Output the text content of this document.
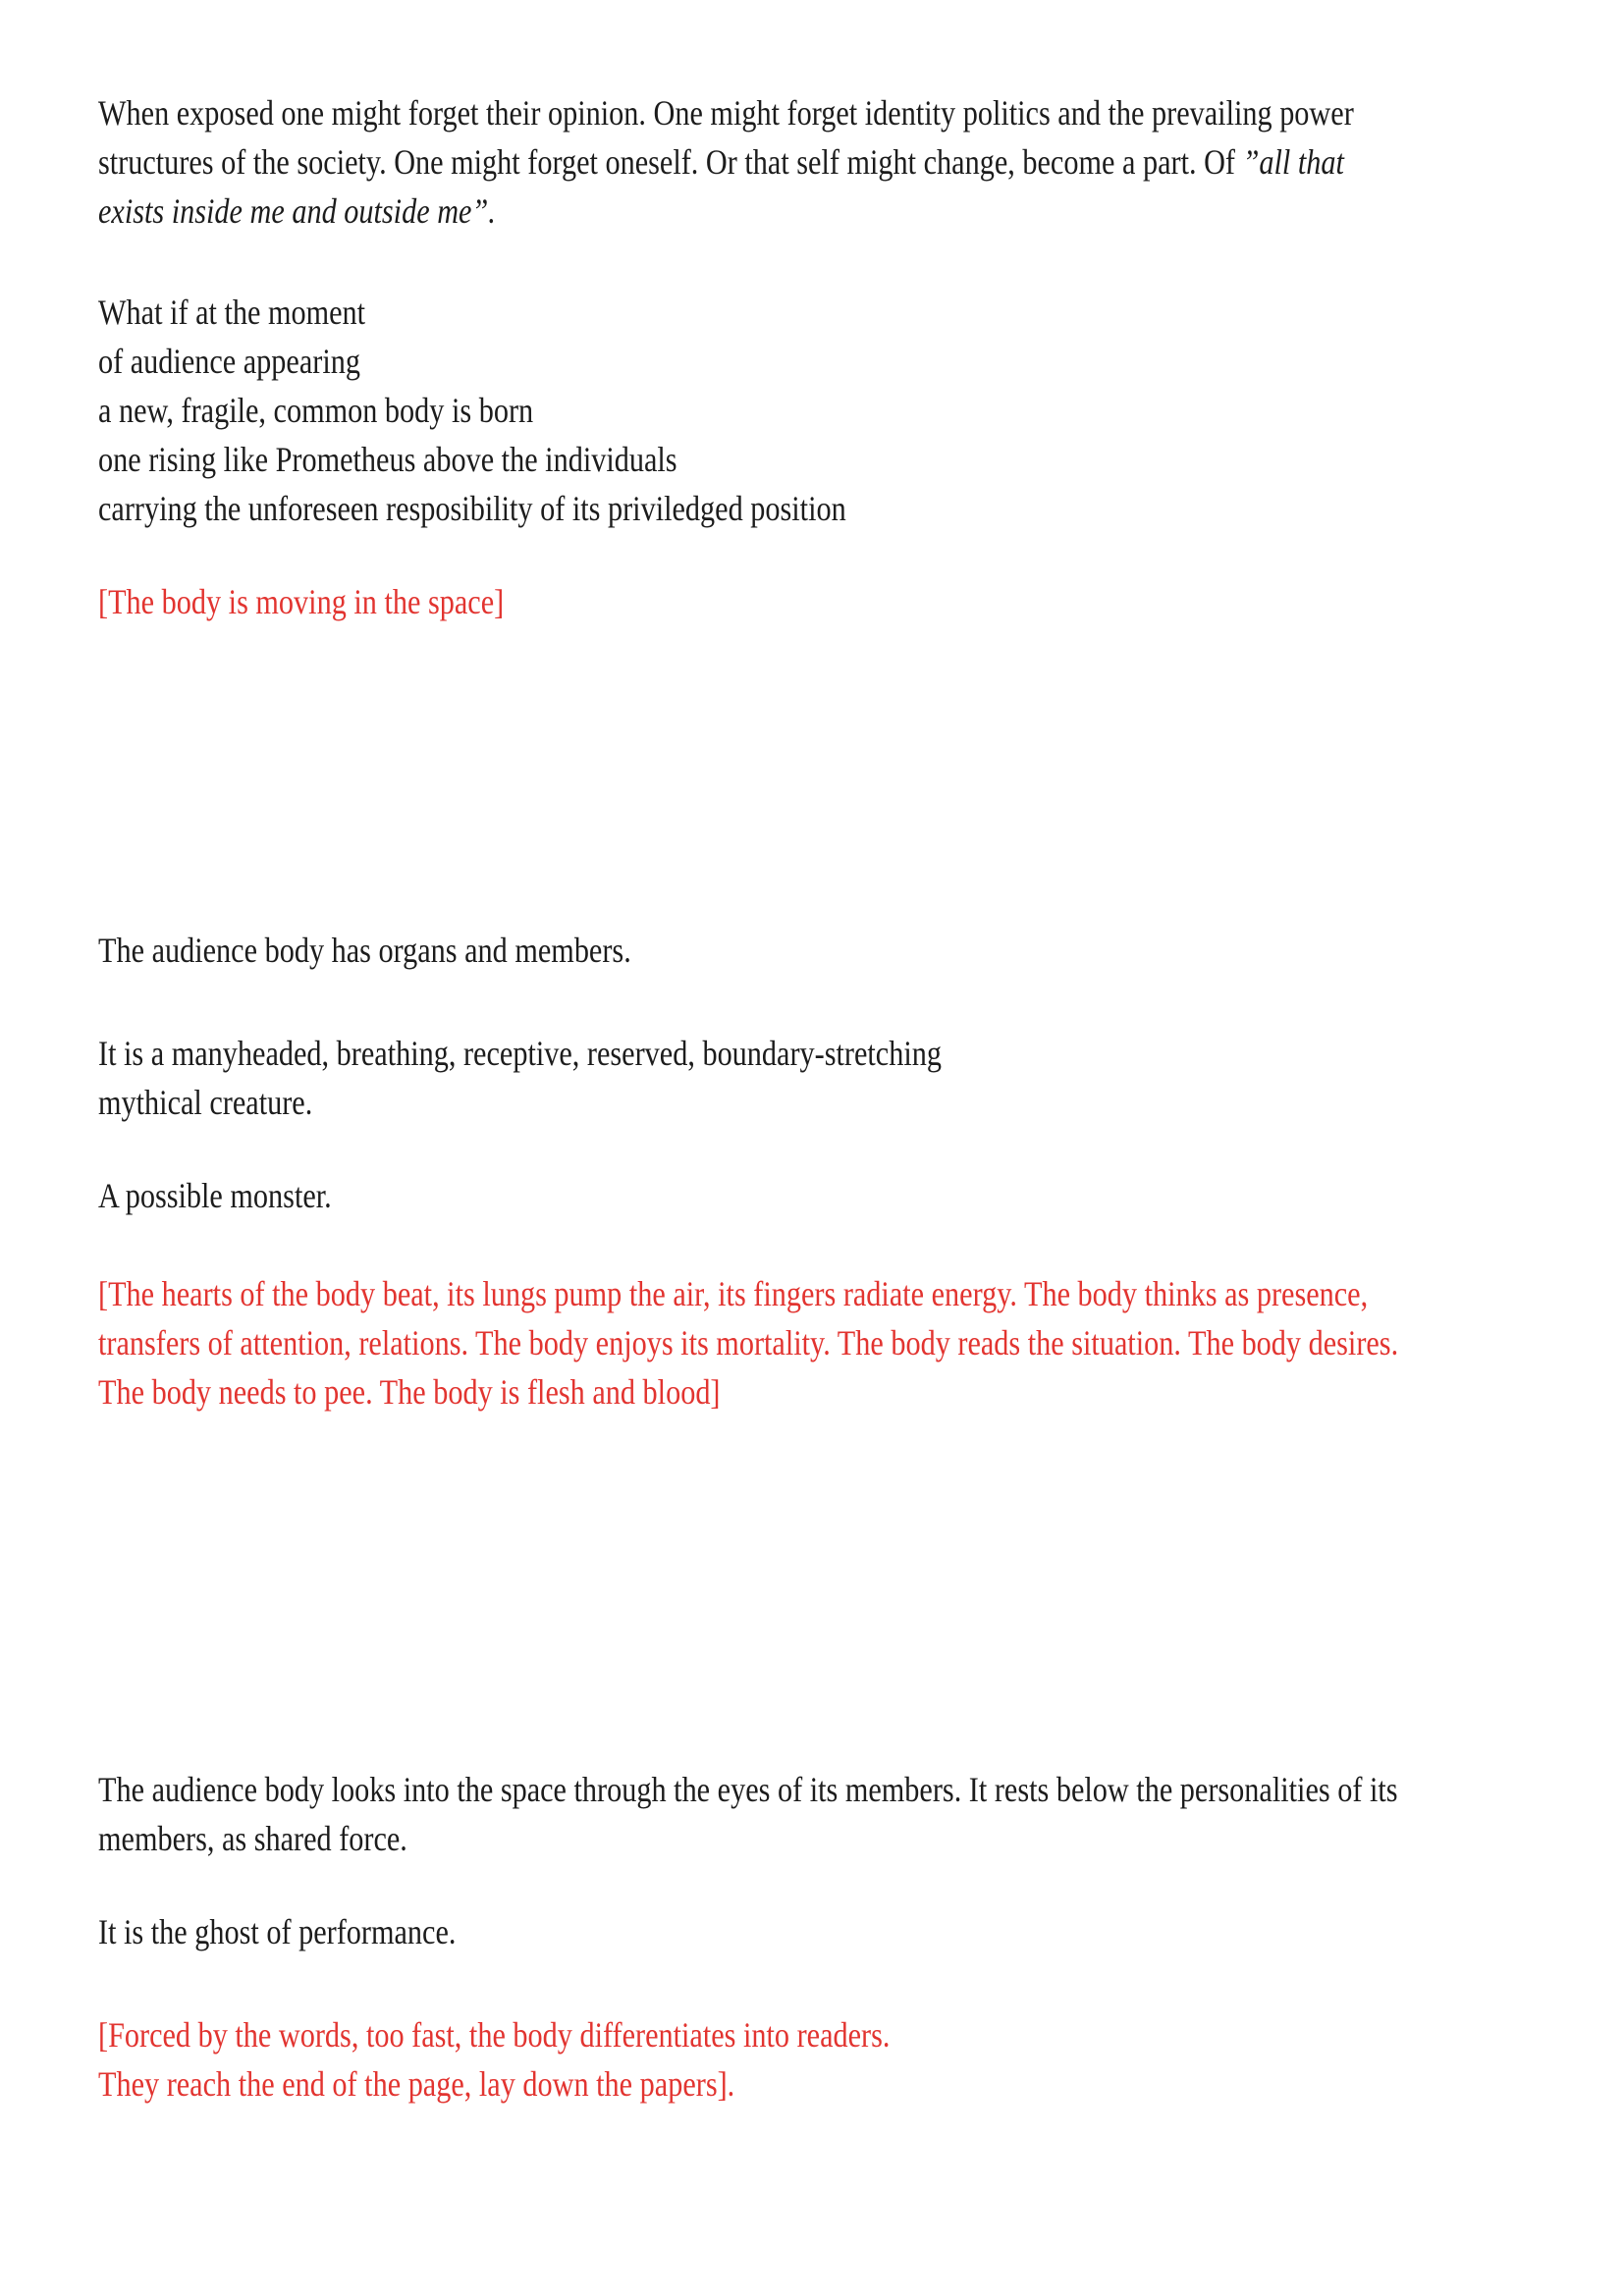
When exposed one might forget their opinion. One might forget identity politics and the prevailing power
structures of the society. One might forget oneself. Or that self might change, become a part. Of ”all that
exists inside me and outside me”.
What if at the moment
of audience appearing
a new, fragile, common body is born
one rising like Prometheus above the individuals
carrying the unforeseen resposibility of its priviledged position
[The body is moving in the space]
The audience body has organs and members.
It is a manyheaded, breathing, receptive, reserved, boundary-stretching
mythical creature.
A possible monster.
[The hearts of the body beat, its lungs pump the air, its fingers radiate energy. The body thinks as presence,
transfers of attention, relations. The body enjoys its mortality. The body reads the situation. The body desires.
The body needs to pee. The body is flesh and blood]
The audience body looks into the space through the eyes of its members. It rests below the personalities of its
members, as shared force.
It is the ghost of performance.
[Forced by the words, too fast, the body differentiates into readers.
They reach the end of the page, lay down the papers].
